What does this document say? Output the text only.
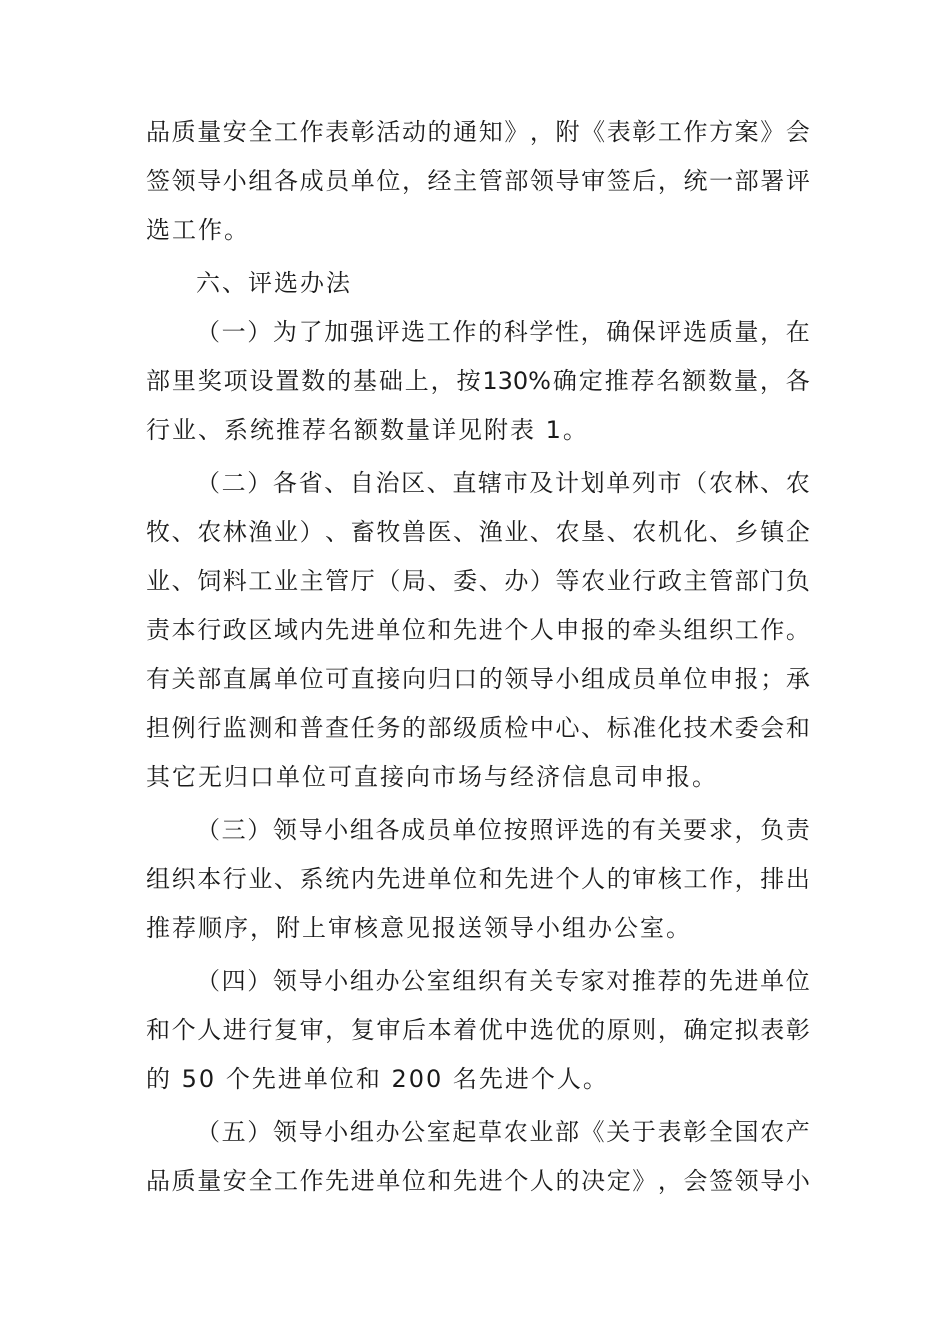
品 质 量 安 全 工 作 表 彰 活 动 的 通 知 》 ， 附 《 表 彰 工 作 方 案 》 会
签 领 导 小 组 各 成 员 单 位 ， 经 主 管 部 领 导 审 签 后 ， 统 一 部 署 评
选 工 作 。
六 、 评 选 办 法
（ 一 ） 为 了 加 强 评 选 工 作 的 科 学 性 ， 确 保 评 选 质 量 ， 在
部 里 奖 项 设 置 数 的 基 础 上 ， 按 130% 确 定 推 荐 名 额 数 量 ， 各
行 业 、 系 统 推 荐 名 额 数 量 详 见 附 表
1 。
（ 二 ） 各 省 、 自 治 区 、 直 辖 市 及 计 划 单 列 市 （ 农 林 、 农
牧 、 农 林 渔 业 ） 、 畜 牧 兽 医 、 渔 业 、 农 垦 、 农 机 化 、 乡 镇 企
业 、 饲 料 工 业 主 管 厅 （ 局 、 委 、 办 ） 等 农 业 行 政 主 管 部 门 负
责 本 行 政 区 域 内 先 进 单 位 和 先 进 个 人 申 报 的 牵 头 组 织 工 作 。
有 关 部 直 属 单 位 可 直 接 向 归 口 的 领 导 小 组 成 员 单 位 申 报 ； 承
担 例 行 监 测 和 普 查 任 务 的 部 级 质 检 中 心 、 标 准 化 技 术 委 会 和
其 它 无 归 口 单 位 可 直 接 向 市 场 与 经 济 信 息 司 申 报 。
（ 三 ） 领 导 小 组 各 成 员 单 位 按 照 评 选 的 有 关 要 求 ， 负 责
组 织 本 行 业 、 系 统 内 先 进 单 位 和 先 进 个 人 的 审 核 工 作 ， 排 出
推 荐 顺 序 ， 附 上 审 核 意 见 报 送 领 导 小 组 办 公 室 。
（ 四 ） 领 导 小 组 办 公 室 组 织 有 关 专 家 对 推 荐 的 先 进 单 位
和 个 人 进 行 复 审 ， 复 审 后 本 着 优 中 选 优 的 原 则 ， 确 定 拟 表 彰
的
50
个 先 进 单 位 和
200
名 先 进 个 人 。
（ 五 ） 领 导 小 组 办 公 室 起 草 农 业 部 《 关 于 表 彰 全 国 农 产
品 质 量 安 全 工 作 先 进 单 位 和 先 进 个 人 的 决 定 》 ， 会 签 领 导 小
